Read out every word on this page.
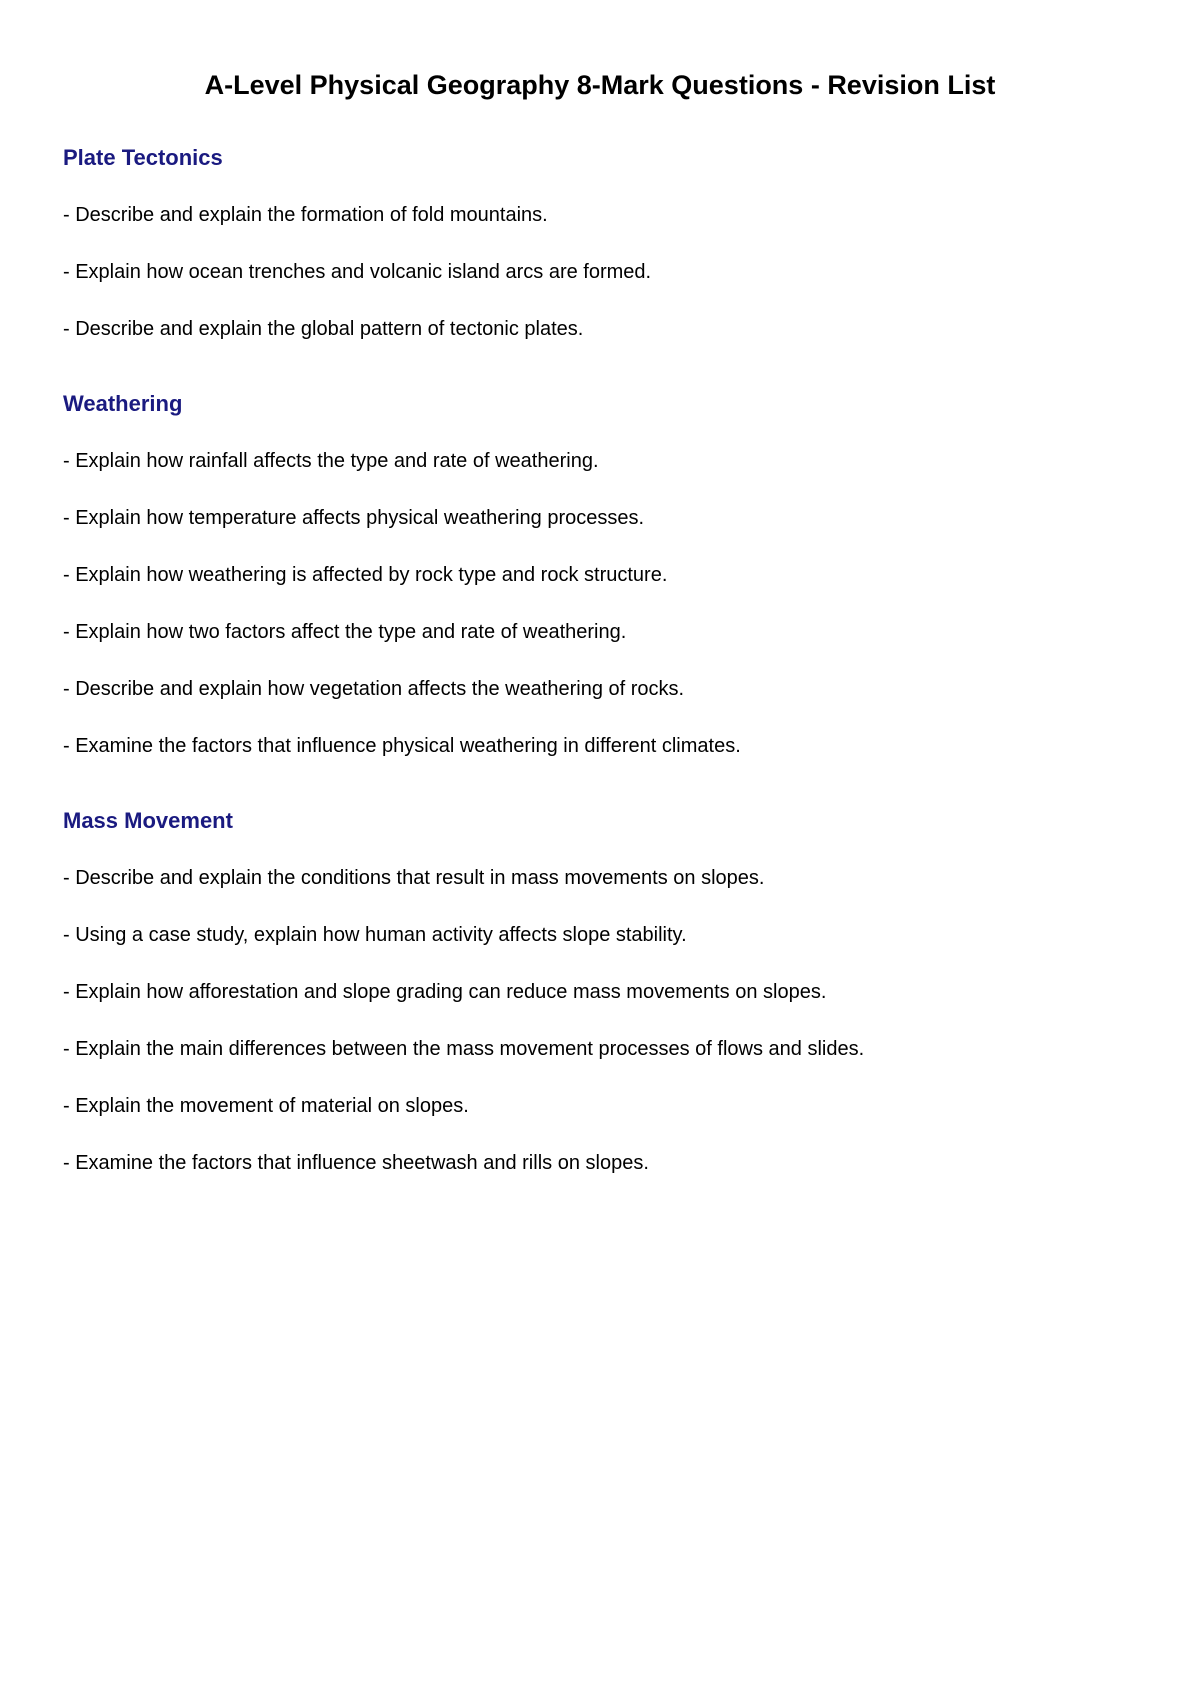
A-Level Physical Geography 8-Mark Questions - Revision List
Plate Tectonics
- Describe and explain the formation of fold mountains.
- Explain how ocean trenches and volcanic island arcs are formed.
- Describe and explain the global pattern of tectonic plates.
Weathering
- Explain how rainfall affects the type and rate of weathering.
- Explain how temperature affects physical weathering processes.
- Explain how weathering is affected by rock type and rock structure.
- Explain how two factors affect the type and rate of weathering.
- Describe and explain how vegetation affects the weathering of rocks.
- Examine the factors that influence physical weathering in different climates.
Mass Movement
- Describe and explain the conditions that result in mass movements on slopes.
- Using a case study, explain how human activity affects slope stability.
- Explain how afforestation and slope grading can reduce mass movements on slopes.
- Explain the main differences between the mass movement processes of flows and slides.
- Explain the movement of material on slopes.
- Examine the factors that influence sheetwash and rills on slopes.
